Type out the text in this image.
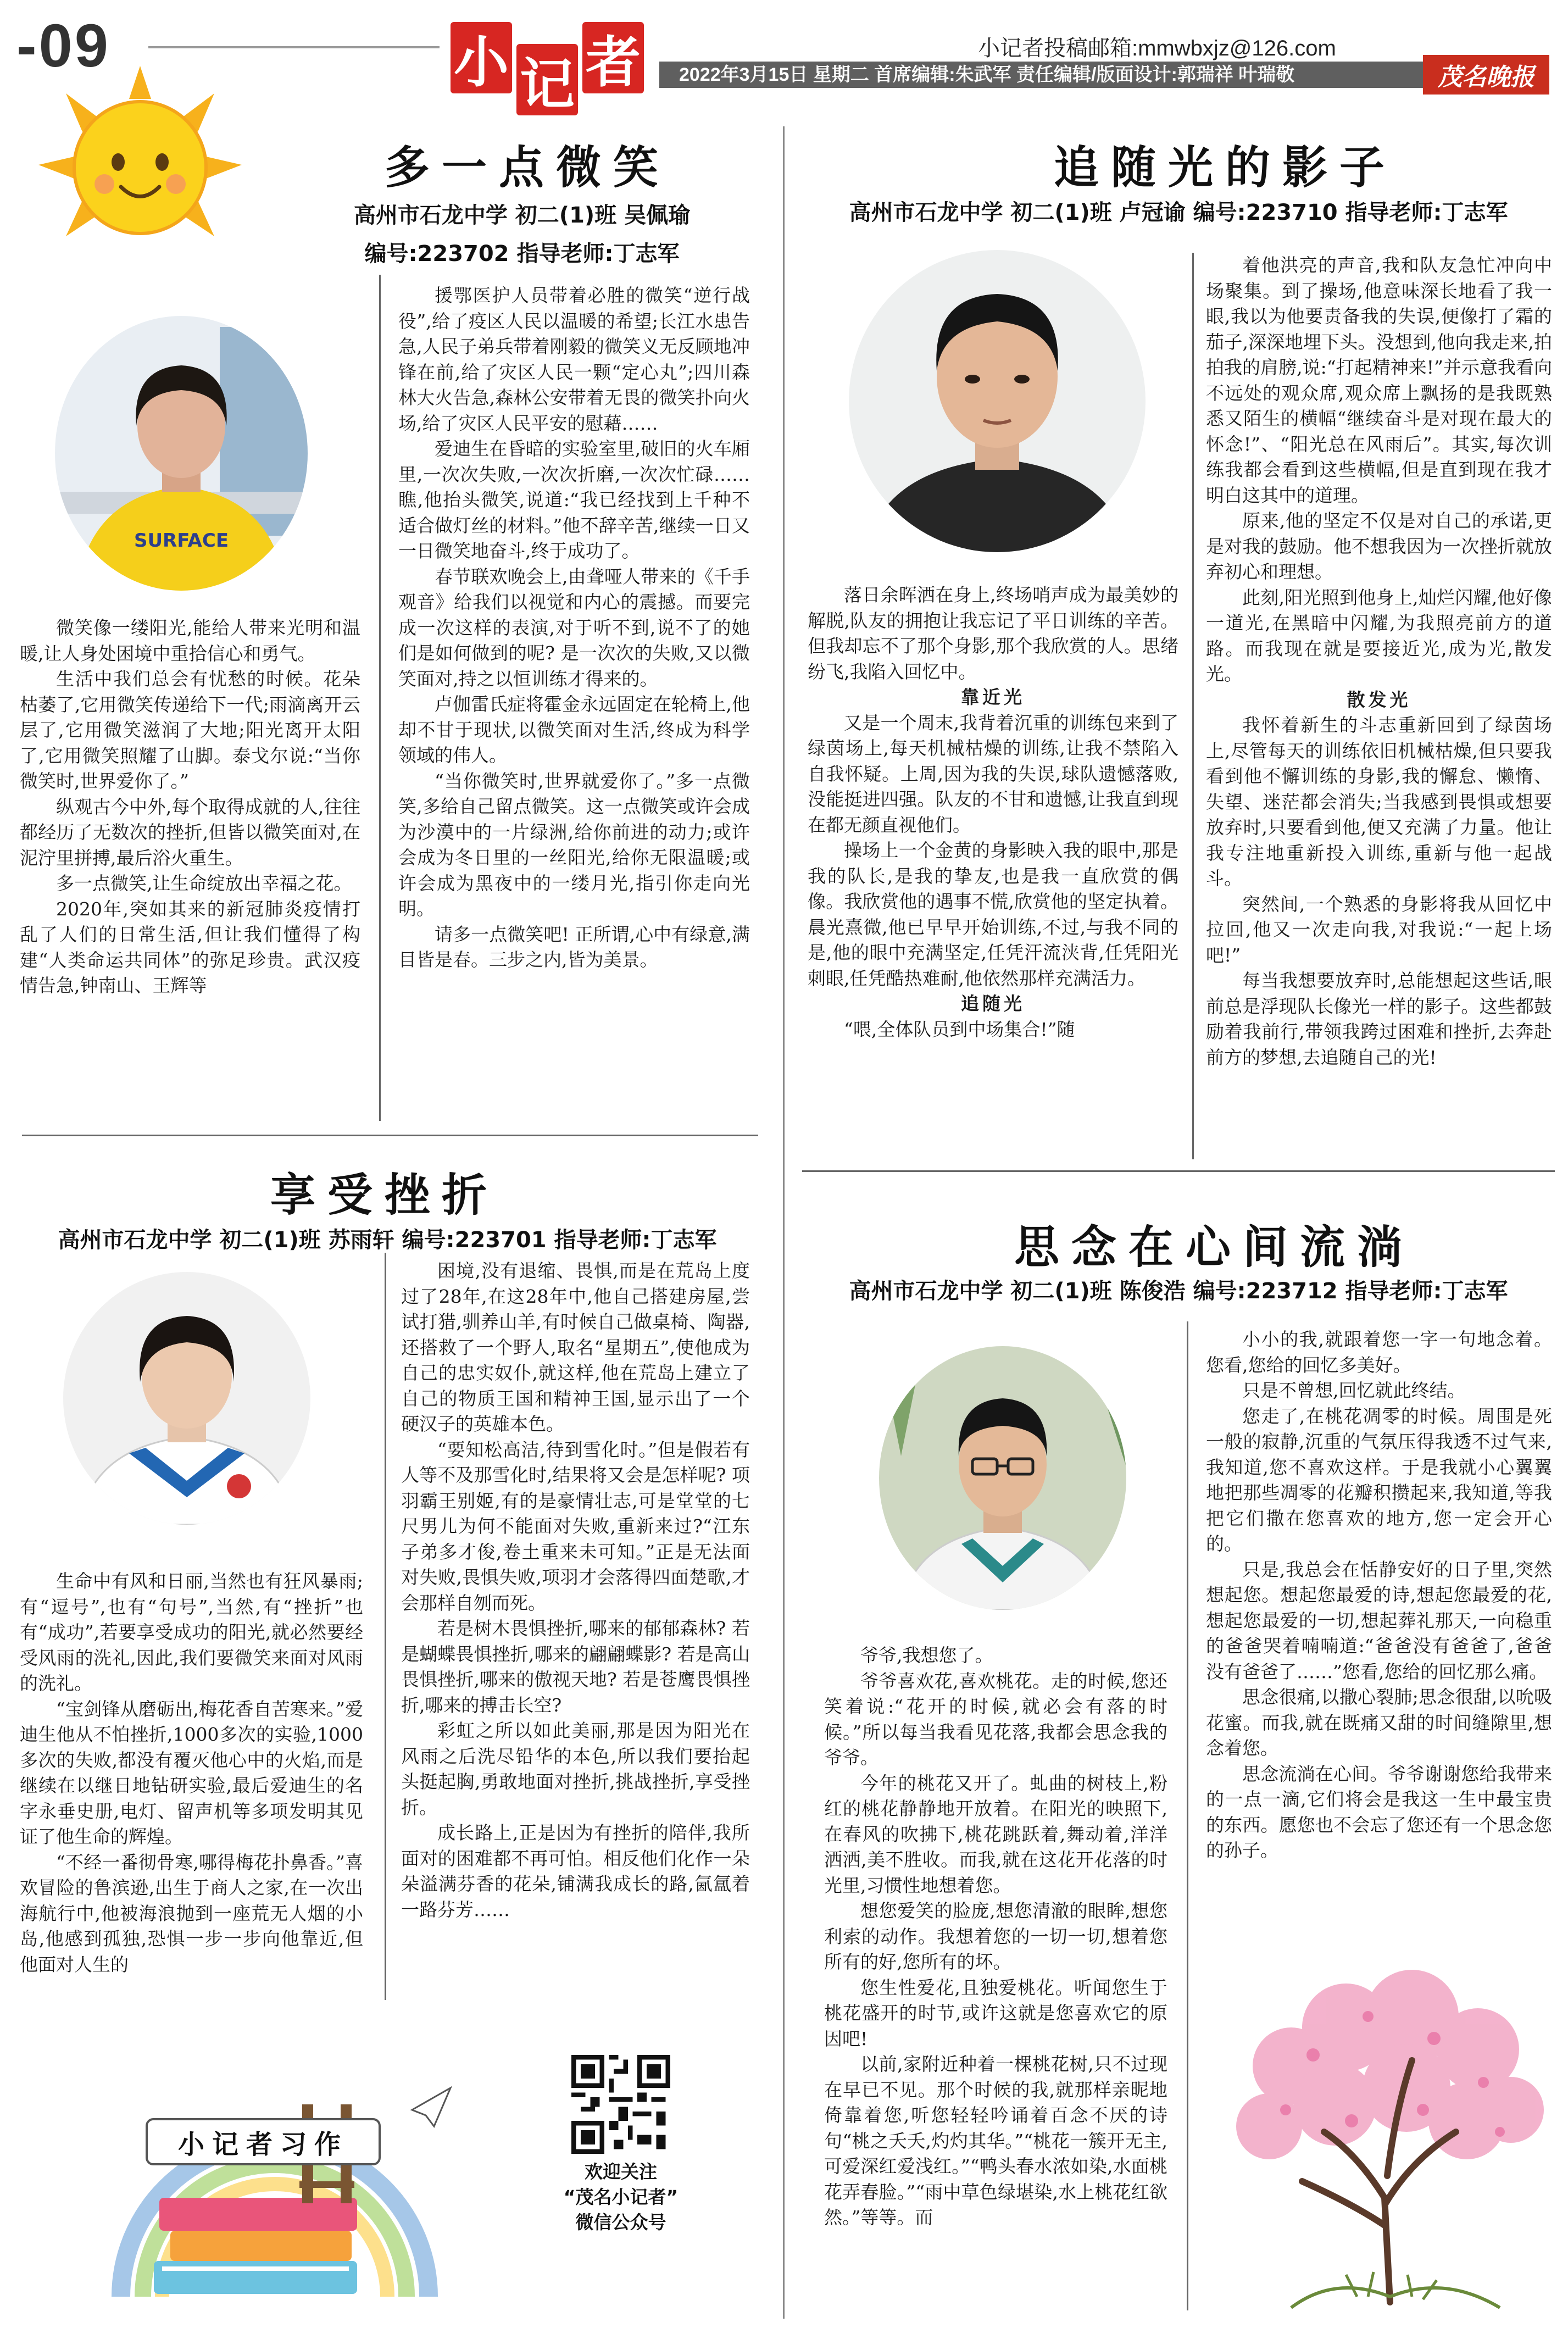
-09	小 记 者	小记者投稿邮箱:mmwbxjz@126.com
2022年3月15日 星期二 首席编辑:朱武军 责任编辑/版面设计:郭瑞祥 叶瑞敬	茂名晚报
多一点微笑
高州市石龙中学 初二(1)班 吴佩瑜
编号:223702 指导老师:丁志军
SURFACE

微笑像一缕阳光,能给人带来光明和温暖,让人身处困境中重拾信心和勇气。

生活中我们总会有忧愁的时候。花朵枯萎了,它用微笑传递给下一代;雨滴离开云层了,它用微笑滋润了大地;阳光离开太阳了,它用微笑照耀了山脚。泰戈尔说:“当你微笑时,世界爱你了。”

纵观古今中外,每个取得成就的人,往往都经历了无数次的挫折,但皆以微笑面对,在泥泞里拼搏,最后浴火重生。

多一点微笑,让生命绽放出幸福之花。

2020年,突如其来的新冠肺炎疫情打乱了人们的日常生活,但让我们懂得了构建“人类命运共同体”的弥足珍贵。武汉疫情告急,钟南山、王辉等

援鄂医护人员带着必胜的微笑“逆行战役”,给了疫区人民以温暖的希望;长江水患告急,人民子弟兵带着刚毅的微笑义无反顾地冲锋在前,给了灾区人民一颗“定心丸”;四川森林大火告急,森林公安带着无畏的微笑扑向火场,给了灾区人民平安的慰藉……

爱迪生在昏暗的实验室里,破旧的火车厢里,一次次失败,一次次折磨,一次次忙碌……瞧,他抬头微笑,说道:“我已经找到上千种不适合做灯丝的材料。”他不辞辛苦,继续一日又一日微笑地奋斗,终于成功了。

春节联欢晚会上,由聋哑人带来的《千手观音》给我们以视觉和内心的震撼。而要完成一次这样的表演,对于听不到,说不了的她们是如何做到的呢? 是一次次的失败,又以微笑面对,持之以恒训练才得来的。

卢伽雷氏症将霍金永远固定在轮椅上,他却不甘于现状,以微笑面对生活,终成为科学领域的伟人。

“当你微笑时,世界就爱你了。”多一点微笑,多给自己留点微笑。这一点微笑或许会成为沙漠中的一片绿洲,给你前进的动力;或许会成为冬日里的一丝阳光,给你无限温暖;或许会成为黑夜中的一缕月光,指引你走向光明。

请多一点微笑吧! 正所谓,心中有绿意,满目皆是春。三步之内,皆为美景。

享受挫折
高州市石龙中学 初二(1)班 苏雨轩 编号:223701 指导老师:丁志军

生命中有风和日丽,当然也有狂风暴雨;有“逗号”,也有“句号”,当然,有“挫折”也有“成功”,若要享受成功的阳光,就必然要经受风雨的洗礼,因此,我们要微笑来面对风雨的洗礼。

“宝剑锋从磨砺出,梅花香自苦寒来。”爱迪生他从不怕挫折,1000多次的实验,1000多次的失败,都没有覆灭他心中的火焰,而是继续在以继日地钻研实验,最后爱迪生的名字永垂史册,电灯、留声机等多项发明其见证了他生命的辉煌。

“不经一番彻骨寒,哪得梅花扑鼻香。”喜欢冒险的鲁滨逊,出生于商人之家,在一次出海航行中,他被海浪抛到一座荒无人烟的小岛,他感到孤独,恐惧一步一步向他靠近,但他面对人生的

困境,没有退缩、畏惧,而是在荒岛上度过了28年,在这28年中,他自己搭建房屋,尝试打猎,驯养山羊,有时候自己做桌椅、陶器,还搭救了一个野人,取名“星期五”,使他成为自己的忠实奴仆,就这样,他在荒岛上建立了自己的物质王国和精神王国,显示出了一个硬汉子的英雄本色。

“要知松高洁,待到雪化时。”但是假若有人等不及那雪化时,结果将又会是怎样呢? 项羽霸王别姬,有的是豪情壮志,可是堂堂的七尺男儿为何不能面对失败,重新来过?“江东子弟多才俊,卷土重来未可知。”正是无法面对失败,畏惧失败,项羽才会落得四面楚歌,才会那样自刎而死。

若是树木畏惧挫折,哪来的郁郁森林? 若是蝴蝶畏惧挫折,哪来的翩翩蝶影? 若是高山畏惧挫折,哪来的傲视天地? 若是苍鹰畏惧挫折,哪来的搏击长空?

彩虹之所以如此美丽,那是因为阳光在风雨之后洗尽铅华的本色,所以我们要抬起头挺起胸,勇敢地面对挫折,挑战挫折,享受挫折。

成长路上,正是因为有挫折的陪伴,我所面对的困难都不再可怕。相反他们化作一朵朵溢满芬香的花朵,铺满我成长的路,氤氲着一路芬芳……

小记者习作
欢迎关注
“茂名小记者”
微信公众号
追随光的影子
高州市石龙中学 初二(1)班 卢冠谕 编号:223710 指导老师:丁志军

落日余晖洒在身上,终场哨声成为最美妙的解脱,队友的拥抱让我忘记了平日训练的辛苦。但我却忘不了那个身影,那个我欣赏的人。思绪纷飞,我陷入回忆中。

靠近光

又是一个周末,我背着沉重的训练包来到了绿茵场上,每天机械枯燥的训练,让我不禁陷入自我怀疑。上周,因为我的失误,球队遗憾落败,没能挺进四强。队友的不甘和遗憾,让我直到现在都无颜直视他们。

操场上一个金黄的身影映入我的眼中,那是我的队长,是我的挚友,也是我一直欣赏的偶像。我欣赏他的遇事不慌,欣赏他的坚定执着。晨光熹微,他已早早开始训练,不过,与我不同的是,他的眼中充满坚定,任凭汗流浃背,任凭阳光刺眼,任凭酷热难耐,他依然那样充满活力。

追随光

“喂,全体队员到中场集合!”随

着他洪亮的声音,我和队友急忙冲向中场聚集。到了操场,他意味深长地看了我一眼,我以为他要责备我的失误,便像打了霜的茄子,深深地埋下头。没想到,他向我走来,拍拍我的肩膀,说:“打起精神来!”并示意我看向不远处的观众席,观众席上飘扬的是我既熟悉又陌生的横幅“继续奋斗是对现在最大的怀念!”、“阳光总在风雨后”。其实,每次训练我都会看到这些横幅,但是直到现在我才明白这其中的道理。

原来,他的坚定不仅是对自己的承诺,更是对我的鼓励。他不想我因为一次挫折就放弃初心和理想。

此刻,阳光照到他身上,灿烂闪耀,他好像一道光,在黑暗中闪耀,为我照亮前方的道路。而我现在就是要接近光,成为光,散发光。

散发光

我怀着新生的斗志重新回到了绿茵场上,尽管每天的训练依旧机械枯燥,但只要我看到他不懈训练的身影,我的懈怠、懒惰、失望、迷茫都会消失;当我感到畏惧或想要放弃时,只要看到他,便又充满了力量。他让我专注地重新投入训练,重新与他一起战斗。

突然间,一个熟悉的身影将我从回忆中拉回,他又一次走向我,对我说:“一起上场吧!”

每当我想要放弃时,总能想起这些话,眼前总是浮现队长像光一样的影子。这些都鼓励着我前行,带领我跨过困难和挫折,去奔赴前方的梦想,去追随自己的光!

思念在心间流淌
高州市石龙中学 初二(1)班 陈俊浩 编号:223712 指导老师:丁志军

爷爷,我想您了。

爷爷喜欢花,喜欢桃花。走的时候,您还笑着说:“花开的时候,就必会有落的时候。”所以每当我看见花落,我都会思念我的爷爷。

今年的桃花又开了。虬曲的树枝上,粉红的桃花静静地开放着。在阳光的映照下,在春风的吹拂下,桃花跳跃着,舞动着,洋洋洒洒,美不胜收。而我,就在这花开花落的时光里,习惯性地想着您。

想您爱笑的脸庞,想您清澈的眼眸,想您利索的动作。我想着您的一切一切,想着您所有的好,您所有的坏。

您生性爱花,且独爱桃花。听闻您生于桃花盛开的时节,或许这就是您喜欢它的原因吧!

以前,家附近种着一棵桃花树,只不过现在早已不见。那个时候的我,就那样亲昵地倚靠着您,听您轻轻吟诵着百念不厌的诗句“桃之夭夭,灼灼其华。”“桃花一簇开无主,可爱深红爱浅红。”“鸭头春水浓如染,水面桃花弄春脸。”“雨中草色绿堪染,水上桃花红欲然。”等等。而

小小的我,就跟着您一字一句地念着。您看,您给的回忆多美好。

只是不曾想,回忆就此终结。

您走了,在桃花凋零的时候。周围是死一般的寂静,沉重的气氛压得我透不过气来,我知道,您不喜欢这样。于是我就小心翼翼地把那些凋零的花瓣积攒起来,我知道,等我把它们撒在您喜欢的地方,您一定会开心的。

只是,我总会在恬静安好的日子里,突然想起您。想起您最爱的诗,想起您最爱的花,想起您最爱的一切,想起葬礼那天,一向稳重的爸爸哭着喃喃道:“爸爸没有爸爸了,爸爸没有爸爸了……”您看,您给的回忆那么痛。

思念很痛,以撒心裂肺;思念很甜,以吮吸花蜜。而我,就在既痛又甜的时间缝隙里,想念着您。

思念流淌在心间。爷爷谢谢您给我带来的一点一滴,它们将会是我这一生中最宝贵的东西。愿您也不会忘了您还有一个思念您的孙子。
